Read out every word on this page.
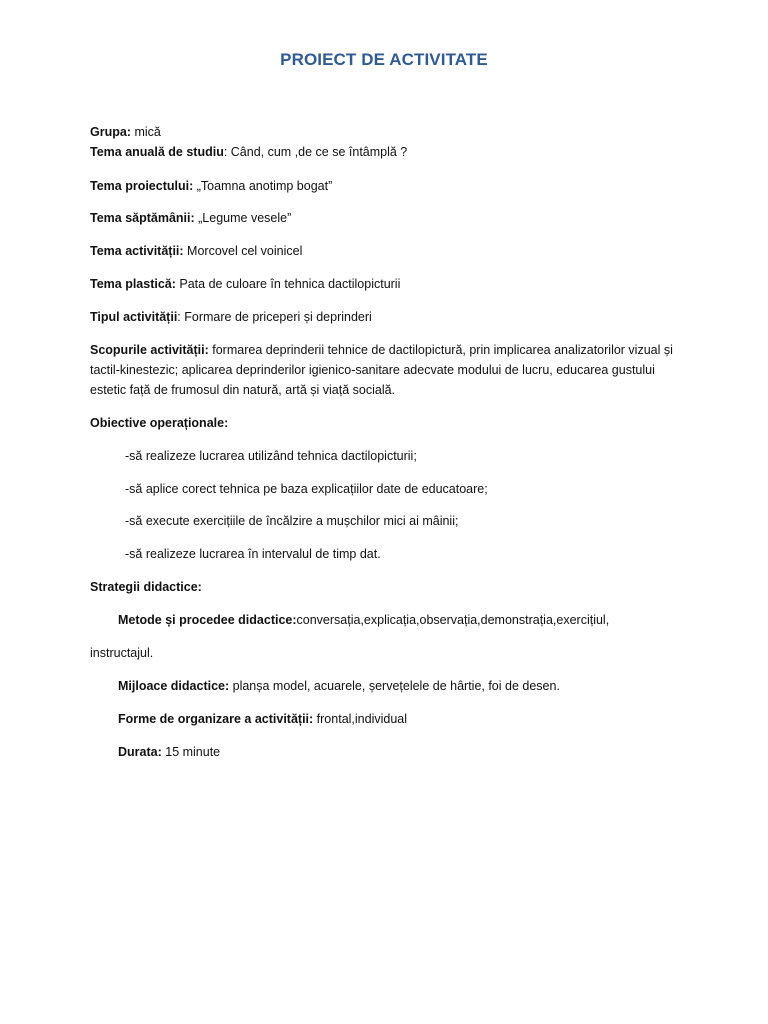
PROIECT DE ACTIVITATE
Grupa: mică
Tema anuală de studiu: Când, cum ,de ce se întâmplă ?
Tema proiectului: „Toamna anotimp bogat”
Tema săptămânii: „Legume vesele”
Tema activității: Morcovel cel voinicel
Tema plastică: Pata de culoare în tehnica dactilopicturii
Tipul activității: Formare de priceperi și deprinderi
Scopurile activității: formarea deprinderii tehnice de dactilopictură, prin implicarea analizatorilor vizual și tactil-kinestezic; aplicarea deprinderilor igienico-sanitare adecvate modului de lucru, educarea gustului estetic față de frumosul din natură, artă și viață socială.
Obiective operaționale:
-să realizeze lucrarea utilizând tehnica dactilopicturii;
-să aplice corect tehnica pe baza explicațiilor date de educatoare;
-să execute exercițiile de încălzire a mușchilor mici ai mâinii;
-să realizeze lucrarea în intervalul de timp dat.
Strategii didactice:
Metode și procedee didactice:conversația,explicația,observația,demonstrația,exercițiul,
instructajul.
Mijloace didactice: planșa model, acuarele, șervețelele de hârtie, foi de desen.
Forme de organizare a activității: frontal,individual
Durata: 15 minute
